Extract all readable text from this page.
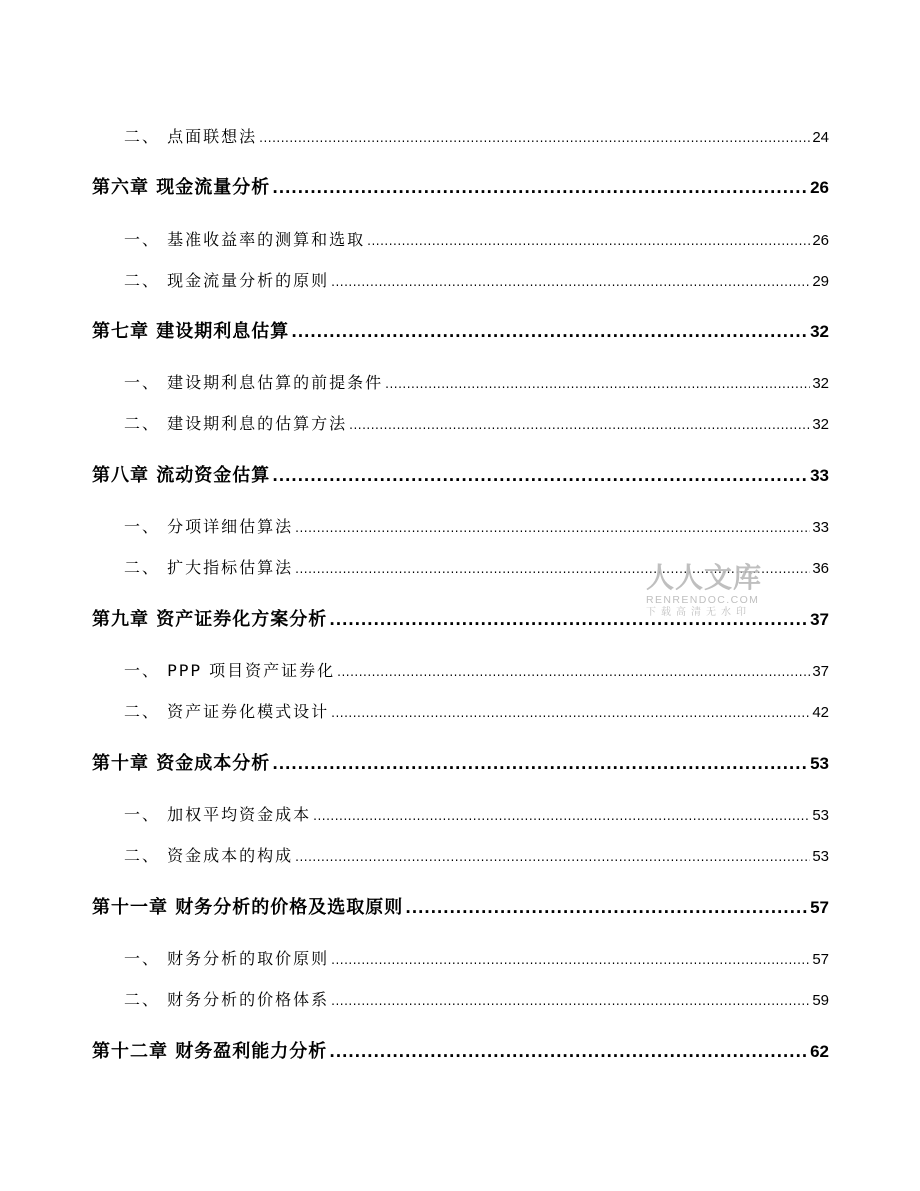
二、 点面联想法 .....	24
第六章 现金流量分析 .....	26
一、 基准收益率的测算和选取 .....	26
二、 现金流量分析的原则 .....	29
第七章 建设期利息估算 .....	32
一、 建设期利息估算的前提条件 .....	32
二、 建设期利息的估算方法 .....	32
第八章 流动资金估算 .....	33
一、 分项详细估算法 .....	33
二、 扩大指标估算法 .....	36
第九章 资产证券化方案分析 .....	37
一、 PPP 项目资产证券化 .....	37
二、 资产证券化模式设计 .....	42
第十章 资金成本分析 .....	53
一、 加权平均资金成本 .....	53
二、 资金成本的构成 .....	53
第十一章 财务分析的价格及选取原则 .....	57
一、 财务分析的取价原则 .....	57
二、 财务分析的价格体系 .....	59
第十二章 财务盈利能力分析 .....	62
人人文库
RENRENDOC.COM
下载高清无水印
